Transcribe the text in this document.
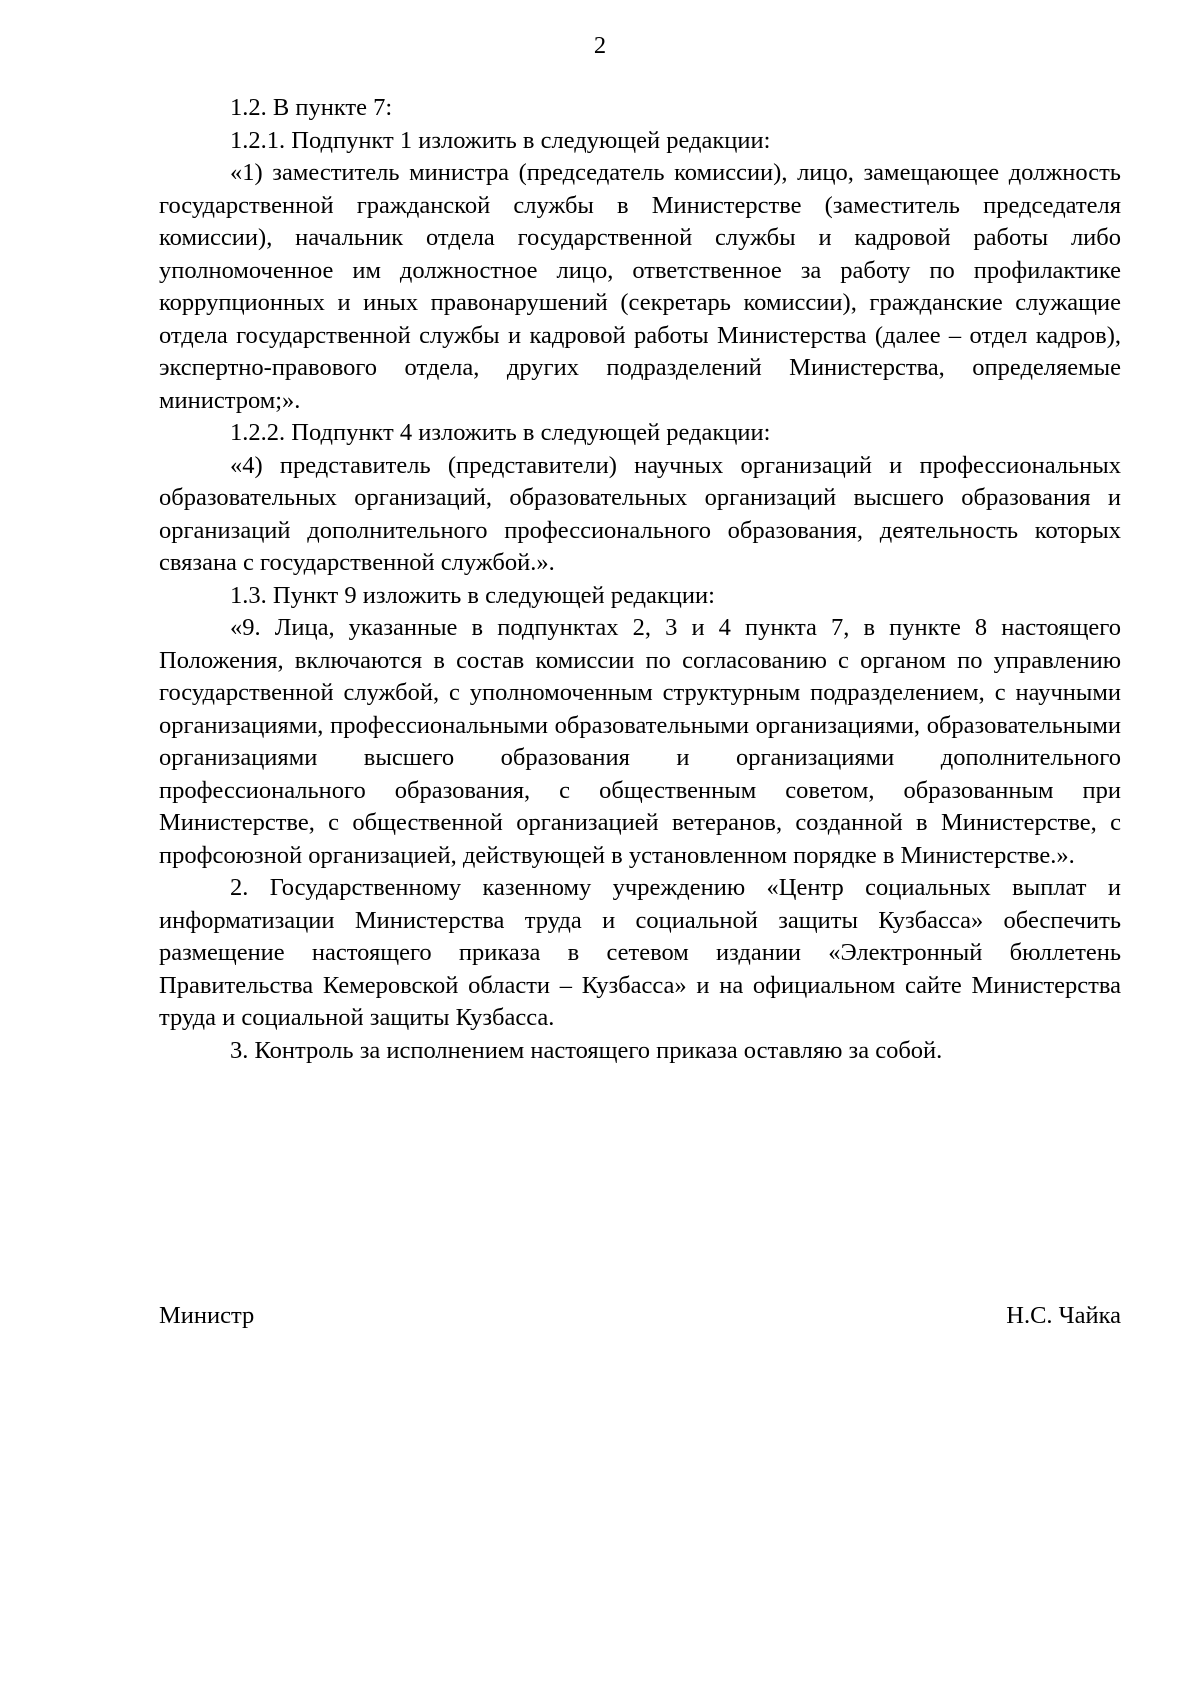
2

1.2. В пункте 7:

1.2.1. Подпункт 1 изложить в следующей редакции:

«1) заместитель министра (председатель комиссии), лицо, замещающее должность государственной гражданской службы в Министерстве (заместитель председателя комиссии), начальник отдела государственной службы и кадровой работы либо уполномоченное им должностное лицо, ответственное за работу по профилактике коррупционных и иных правонарушений (секретарь комиссии), гражданские служащие отдела государственной службы и кадровой работы Министерства (далее – отдел кадров), экспертно-правового отдела, других подразделений Министерства, определяемые министром;».

1.2.2. Подпункт 4 изложить в следующей редакции:

«4) представитель (представители) научных организаций и профессиональных образовательных организаций, образовательных организаций высшего образования и организаций дополнительного профессионального образования, деятельность которых связана с государственной службой.».

1.3. Пункт 9 изложить в следующей редакции:

«9. Лица, указанные в подпунктах 2, 3 и 4 пункта 7, в пункте 8 настоящего Положения, включаются в состав комиссии по согласованию с органом по управлению государственной службой, с уполномоченным структурным подразделением, с научными организациями, профессиональными образовательными организациями, образовательными организациями высшего образования и организациями дополнительного профессионального образования, с общественным советом, образованным при Министерстве, с общественной организацией ветеранов, созданной в Министерстве, с профсоюзной организацией, действующей в установленном порядке в Министерстве.».

2. Государственному казенному учреждению «Центр социальных выплат и информатизации Министерства труда и социальной защиты Кузбасса» обеспечить размещение настоящего приказа в сетевом издании «Электронный бюллетень Правительства Кемеровской области – Кузбасса» и на официальном сайте Министерства труда и социальной защиты Кузбасса.

3. Контроль за исполнением настоящего приказа оставляю за собой.

Министр	Н.С. Чайка
